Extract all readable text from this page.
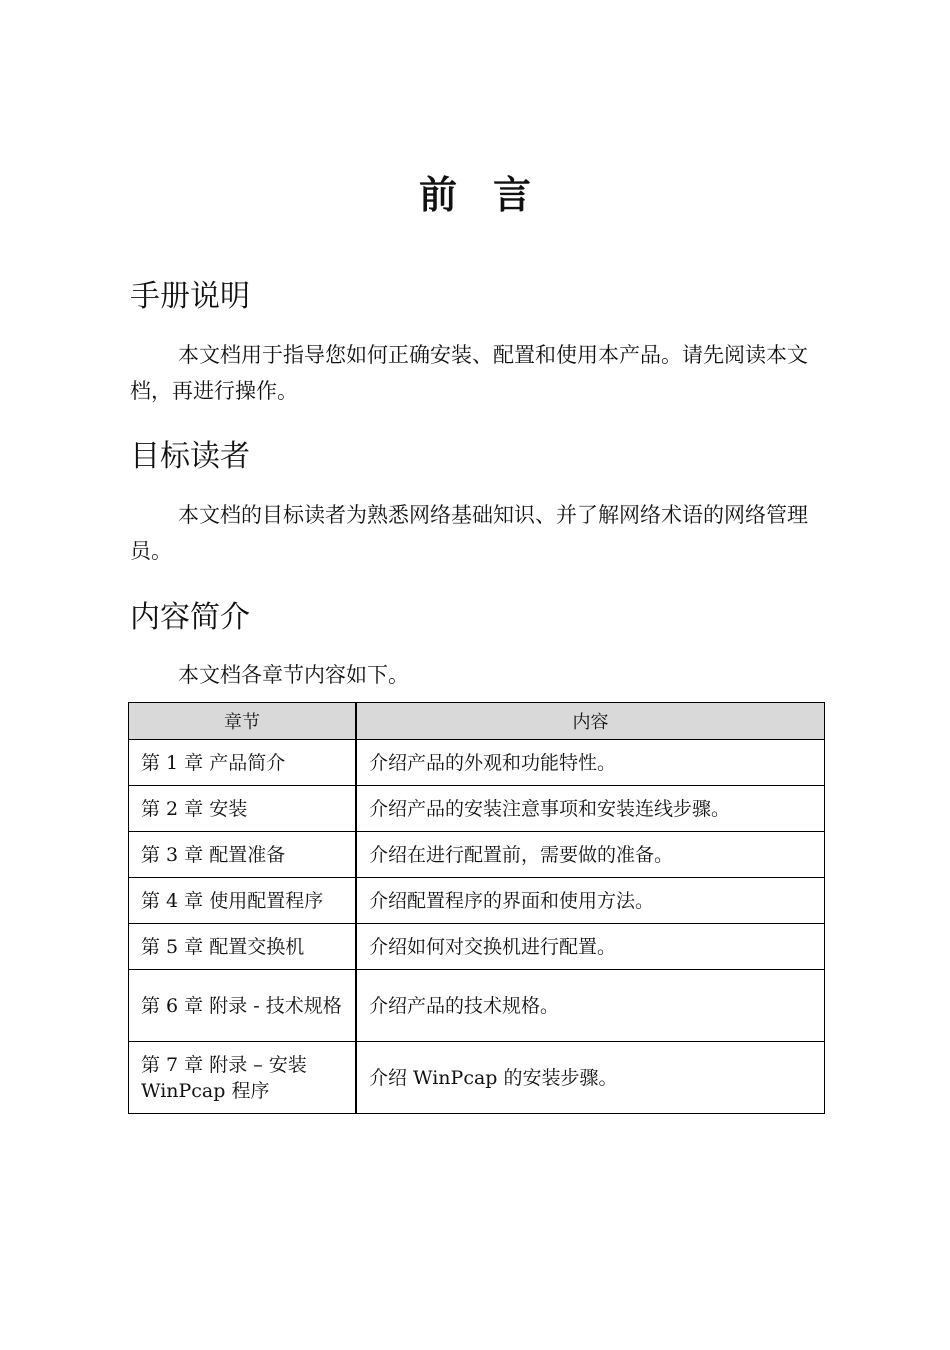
前 言
手册说明
本文档用于指导您如何正确安装、配置和使用本产品。请先阅读本文档，再进行操作。
目标读者
本文档的目标读者为熟悉网络基础知识、并了解网络术语的网络管理员。
内容简介
本文档各章节内容如下。
章节	内容
第 1 章 产品简介	介绍产品的外观和功能特性。
第 2 章 安装	介绍产品的安装注意事项和安装连线步骤。
第 3 章 配置准备	介绍在进行配置前，需要做的准备。
第 4 章 使用配置程序	介绍配置程序的界面和使用方法。
第 5 章 配置交换机	介绍如何对交换机进行配置。
第 6 章 附录 - 技术规格	介绍产品的技术规格。
第 7 章 附录 – 安装 WinPcap 程序	介绍 WinPcap 的安装步骤。
